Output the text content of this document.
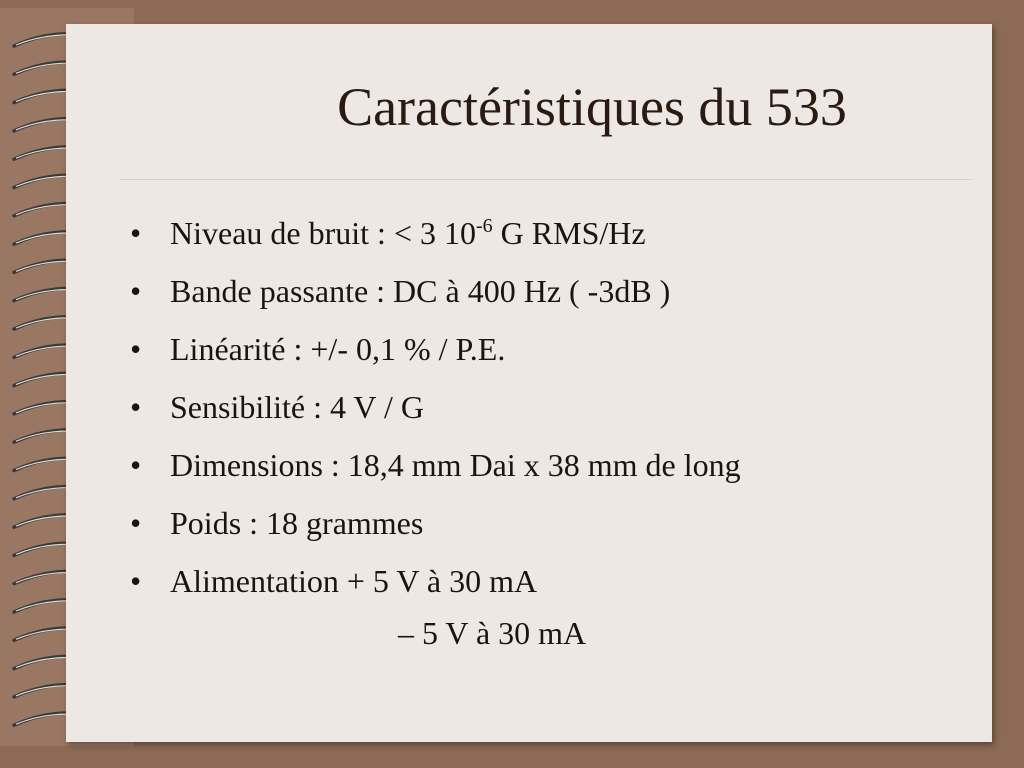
Caractéristiques du 533
• Niveau de bruit : < 3 $10^{-6}$ G RMS/Hz
• Bande passante : DC à 400 Hz ( -3dB )
• Linéarité : +/- 0,1 % / P.E.
• Sensibilité : 4 V / G
• Dimensions : 18,4 mm Dai x 38 mm de long
• Poids : 18 grammes
• Alimentation + 5 V à 30 mA
– 5 V à 30 mA
